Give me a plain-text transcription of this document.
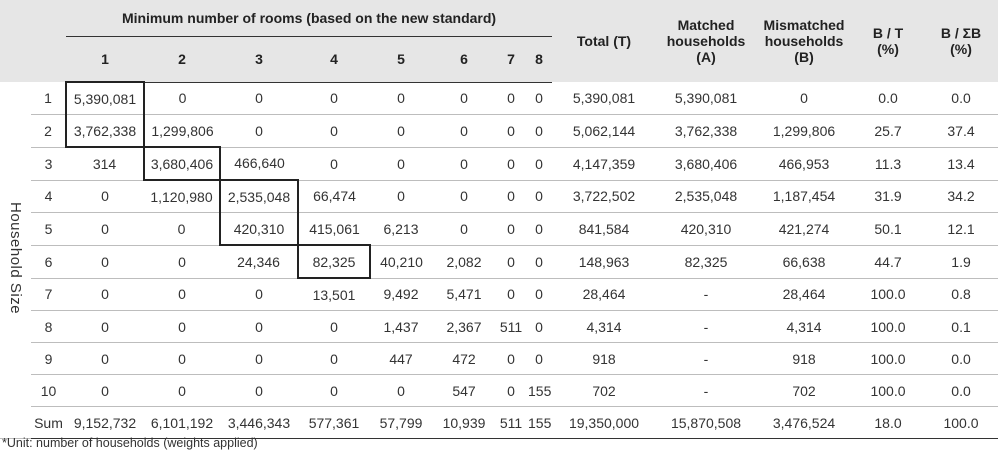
		Minimum number of rooms (based on the new standard)								Total (T)	Matched
households
(A)	Mismatched
households
(B)	B / T
(%)	B / ΣB
(%)
		1	2	3	4	5	6	7	8					
Household Size	1	5,390,081	0	0	0	0	0	0	0	5,390,081	5,390,081	0	0.0	0.0
	2	3,762,338	1,299,806	0	0	0	0	0	0	5,062,144	3,762,338	1,299,806	25.7	37.4
	3	314	3,680,406	466,640	0	0	0	0	0	4,147,359	3,680,406	466,953	11.3	13.4
	4	0	1,120,980	2,535,048	66,474	0	0	0	0	3,722,502	2,535,048	1,187,454	31.9	34.2
	5	0	0	420,310	415,061	6,213	0	0	0	841,584	420,310	421,274	50.1	12.1
	6	0	0	24,346	82,325	40,210	2,082	0	0	148,963	82,325	66,638	44.7	1.9
	7	0	0	0	13,501	9,492	5,471	0	0	28,464	-	28,464	100.0	0.8
	8	0	0	0	0	1,437	2,367	511	0	4,314	-	4,314	100.0	0.1
	9	0	0	0	0	447	472	0	0	918	-	918	100.0	0.0
	10	0	0	0	0	0	547	0	155	702	-	702	100.0	0.0
	Sum	9,152,732	6,101,192	3,446,343	577,361	57,799	10,939	511	155	19,350,000	15,870,508	3,476,524	18.0	100.0
*Unit: number of households (weights applied)
